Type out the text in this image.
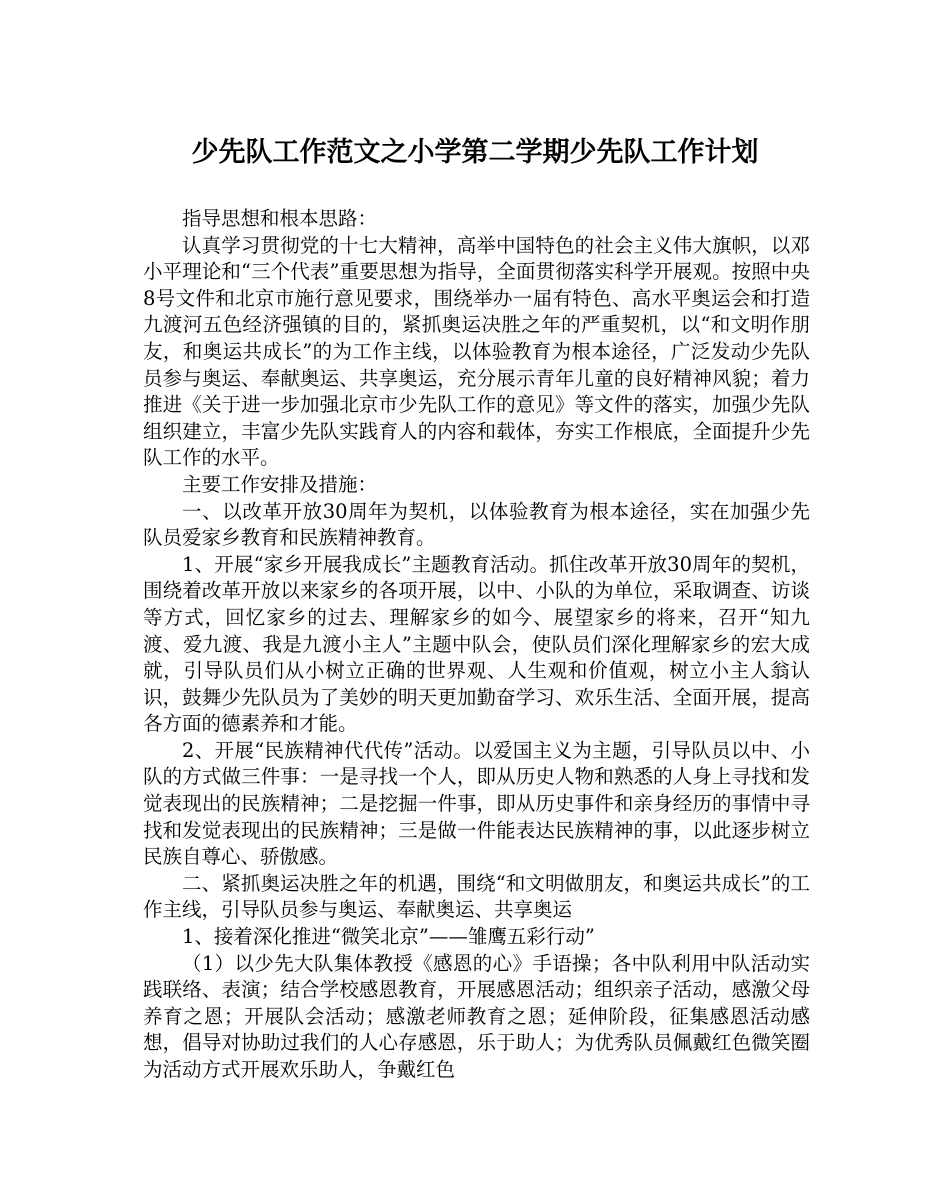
少先队工作范文之小学第二学期少先队工作计划

指导思想和根本思路：

认真学习贯彻党的十七大精神，高举中国特色的社会主义伟大旗帜，以邓小平理论和“三个代表”重要思想为指导，全面贯彻落实科学开展观。按照中央8号文件和北京市施行意见要求，围绕举办一届有特色、高水平奥运会和打造九渡河五色经济强镇的目的，紧抓奥运决胜之年的严重契机，以“和文明作朋友，和奥运共成长”的为工作主线，以体验教育为根本途径，广泛发动少先队员参与奥运、奉献奥运、共享奥运，充分展示青年儿童的良好精神风貌；着力推进《关于进一步加强北京市少先队工作的意见》等文件的落实，加强少先队组织建立，丰富少先队实践育人的内容和载体，夯实工作根底，全面提升少先队工作的水平。

主要工作安排及措施：

一、以改革开放30周年为契机，以体验教育为根本途径，实在加强少先队员爱家乡教育和民族精神教育。

1、开展“家乡开展我成长”主题教育活动。抓住改革开放30周年的契机，围绕着改革开放以来家乡的各项开展，以中、小队的为单位，采取调查、访谈等方式，回忆家乡的过去、理解家乡的如今、展望家乡的将来，召开“知九渡、爱九渡、我是九渡小主人”主题中队会，使队员们深化理解家乡的宏大成就，引导队员们从小树立正确的世界观、人生观和价值观，树立小主人翁认识，鼓舞少先队员为了美妙的明天更加勤奋学习、欢乐生活、全面开展，提高各方面的德素养和才能。

2、开展“民族精神代代传”活动。以爱国主义为主题，引导队员以中、小队的方式做三件事：一是寻找一个人，即从历史人物和熟悉的人身上寻找和发觉表现出的民族精神；二是挖掘一件事，即从历史事件和亲身经历的事情中寻找和发觉表现出的民族精神；三是做一件能表达民族精神的事，以此逐步树立民族自尊心、骄傲感。

二、紧抓奥运决胜之年的机遇，围绕“和文明做朋友，和奥运共成长”的工作主线，引导队员参与奥运、奉献奥运、共享奥运

1、接着深化推进“微笑北京”——雏鹰五彩行动”

（1）以少先大队集体教授《感恩的心》手语操；各中队利用中队活动实践联络、表演；结合学校感恩教育，开展感恩活动；组织亲子活动，感激父母养育之恩；开展队会活动；感激老师教育之恩；延伸阶段，征集感恩活动感想，倡导对协助过我们的人心存感恩，乐于助人；为优秀队员佩戴红色微笑圈为活动方式开展欢乐助人，争戴红色
